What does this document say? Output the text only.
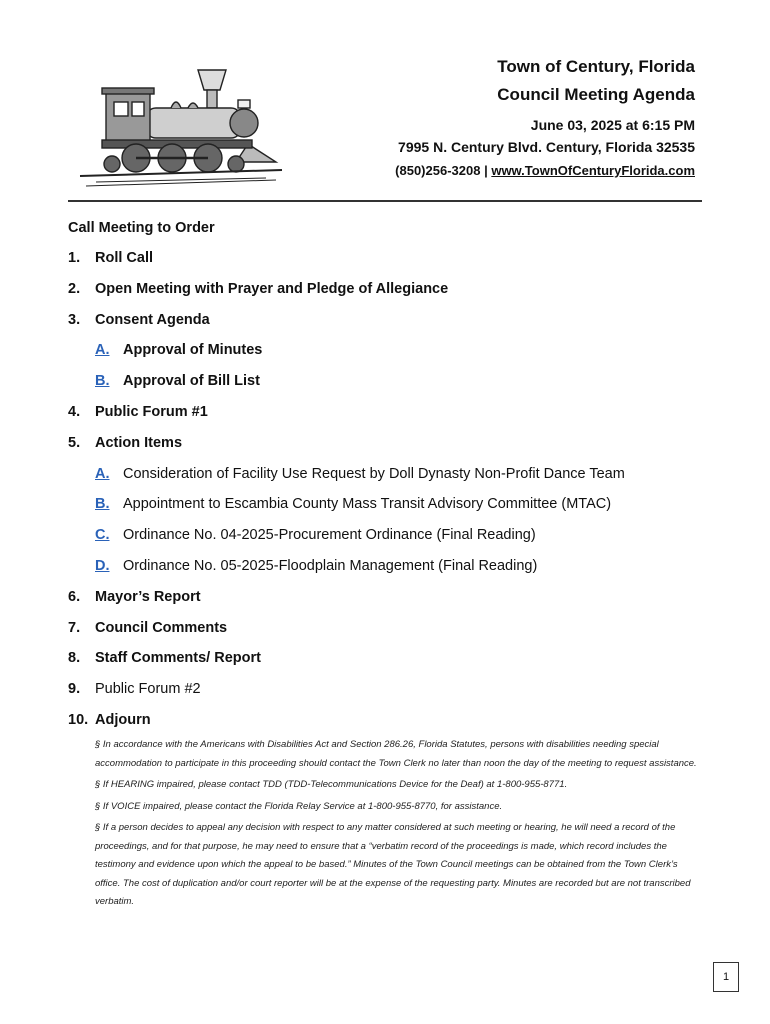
Town of Century, Florida

Council Meeting Agenda

June 03, 2025 at 6:15 PM

7995 N. Century Blvd. Century, Florida 32535

(850)256-3208 | www.TownOfCenturyFlorida.com

Call Meeting to Order

1.	Roll Call
2.	Open Meeting with Prayer and Pledge of Allegiance
3.	Consent Agenda
A. Approval of Minutes
B. Approval of Bill List
4.	Public Forum #1
5.	Action Items
A. Consideration of Facility Use Request by Doll Dynasty Non-Profit Dance Team
B. Appointment to Escambia County Mass Transit Advisory Committee (MTAC)
C. Ordinance No. 04-2025-Procurement Ordinance (Final Reading)
D. Ordinance No. 05-2025-Floodplain Management (Final Reading)
6.	Mayor’s Report
7.	Council Comments
8.	Staff Comments/ Report
9.	Public Forum #2
10. Adjourn

§ In accordance with the Americans with Disabilities Act and Section 286.26, Florida Statutes, persons with disabilities needing special accommodation to participate in this proceeding should contact the Town Clerk no later than noon the day of the meeting to request assistance.

§ If HEARING impaired, please contact TDD (TDD-Telecommunications Device for the Deaf) at 1-800-955-8771.

§ If VOICE impaired, please contact the Florida Relay Service at 1-800-955-8770, for assistance.

§ If a person decides to appeal any decision with respect to any matter considered at such meeting or hearing, he will need a record of the proceedings, and for that purpose, he may need to ensure that a “verbatim record of the proceedings is made, which record includes the testimony and evidence upon which the appeal to be based.” Minutes of the Town Council meetings can be obtained from the Town Clerk’s office. The cost of duplication and/or court reporter will be at the expense of the requesting party. Minutes are recorded but are not transcribed verbatim.

1
